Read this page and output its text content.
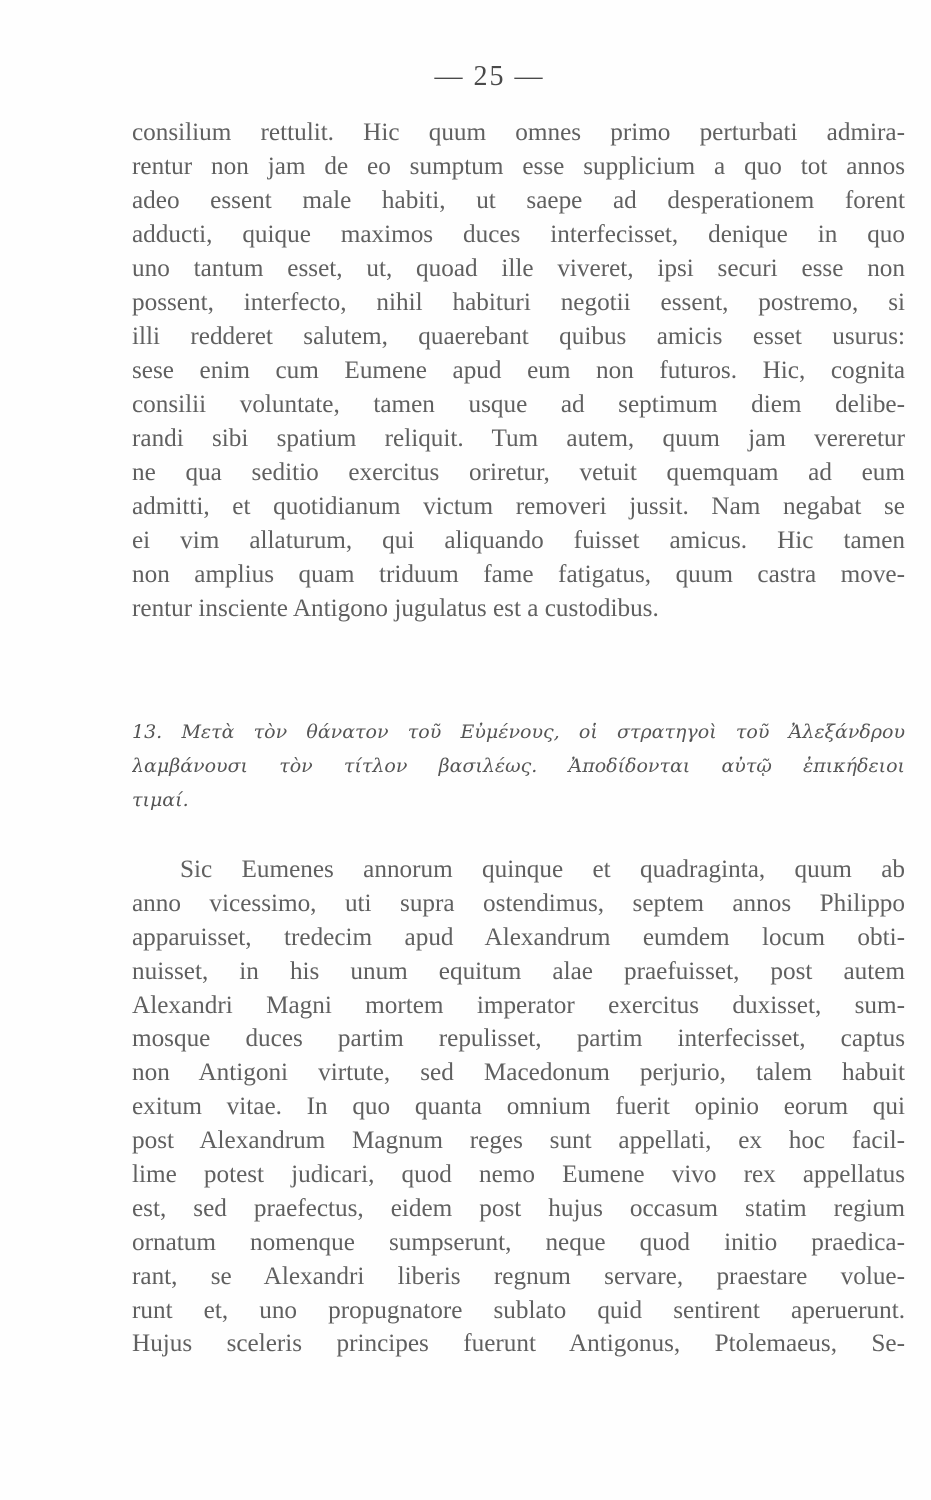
— 25 —
consilium rettulit. Hic quum omnes primo perturbati admira-
rentur non jam de eo sumptum esse supplicium a quo tot annos
adeo essent male habiti, ut saepe ad desperationem forent
adducti, quique maximos duces interfecisset, denique in quo
uno tantum esset, ut, quoad ille viveret, ipsi securi esse non
possent, interfecto, nihil habituri negotii essent, postremo, si
illi redderet salutem, quaerebant quibus amicis esset usurus:
sese enim cum Eumene apud eum non futuros. Hic, cognita
consilii voluntate, tamen usque ad septimum diem delibe-
randi sibi spatium reliquit. Tum autem, quum jam vereretur
ne qua seditio exercitus oriretur, vetuit quemquam ad eum
admitti, et quotidianum victum removeri jussit. Nam negabat se
ei vim allaturum, qui aliquando fuisset amicus. Hic tamen
non amplius quam triduum fame fatigatus, quum castra move-
rentur insciente Antigono jugulatus est a custodibus.
13. Μετὰ τὸν θάνατον τοῦ Εὐμένους, οἱ στρατηγοὶ τοῦ Ἀλεξάνδρου
λαμβάνουσι τὸν τίτλον βασιλέως. Ἀποδίδονται αὐτῷ ἐπικήδειοι
τιμαί.
Sic Eumenes annorum quinque et quadraginta, quum ab
anno vicessimo, uti supra ostendimus, septem annos Philippo
apparuisset, tredecim apud Alexandrum eumdem locum obti-
nuisset, in his unum equitum alae praefuisset, post autem
Alexandri Magni mortem imperator exercitus duxisset, sum-
mosque duces partim repulisset, partim interfecisset, captus
non Antigoni virtute, sed Macedonum perjurio, talem habuit
exitum vitae. In quo quanta omnium fuerit opinio eorum qui
post Alexandrum Magnum reges sunt appellati, ex hoc facil-
lime potest judicari, quod nemo Eumene vivo rex appellatus
est, sed praefectus, eidem post hujus occasum statim regium
ornatum nomenque sumpserunt, neque quod initio praedica-
rant, se Alexandri liberis regnum servare, praestare volue-
runt et, uno propugnatore sublato quid sentirent aperuerunt.
Hujus sceleris principes fuerunt Antigonus, Ptolemaeus, Se-
